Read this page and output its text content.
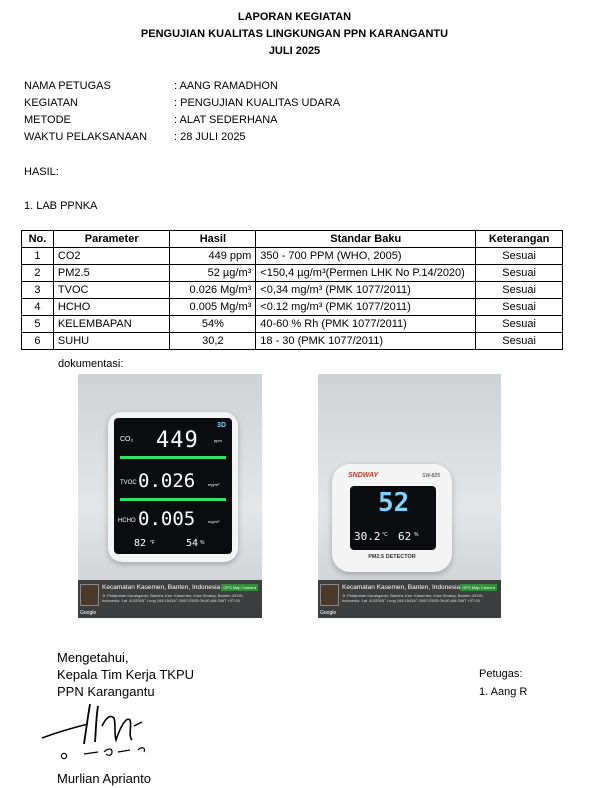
LAPORAN KEGIATAN
PENGUJIAN KUALITAS LINGKUNGAN PPN KARANGANTU
JULI 2025
NAMA PETUGAS	: AANG RAMADHON
KEGIATAN	: PENGUJIAN KUALITAS UDARA
METODE	: ALAT SEDERHANA
WAKTU PELAKSANAAN : 28 JULI 2025
HASIL:
1. LAB PPNKA
No.	Parameter	Hasil	Standar Baku	Keterangan
1	CO2	449 ppm	350 - 700 PPM (WHO, 2005)	Sesuai
2	PM2.5	52 µg/m³	<150,4 µg/m³(Permen LHK No P.14/2020)	Sesuai
3	TVOC	0.026 Mg/m³	<0,34 mg/m³ (PMK 1077/2011)	Sesuai
4	HCHO	0.005 Mg/m³	<0.12 mg/m³ (PMK 1077/2011)	Sesuai
5	KELEMBAPAN	54%	40-60 % Rh (PMK 1077/2011)	Sesuai
6	SUHU	30,2	18 - 30 (PMK 1077/2011)	Sesuai
dokumentasi:
3D
CO₂ 449	ppm
TVOC 0.026	mg/m³
HCHO 0.005	mg/m³
82 °F	54 %
Google
Kecamatan Kasemen, Banten, Indonesia
Jl. Pelabuhan Karangantu, Banten, Kec. Kasemen, Kota Serang, Banten 42191, Indonesia. Lat -6.02918° Long 106.15434° 28/07/2025 09:40 AM GMT +07:00
GPS Map Camera
SNDWAY	SW-825
52
30.2 °C 62 %
PM2.5 DETECTOR
Google
Kecamatan Kasemen, Banten, Indonesia
Jl. Pelabuhan Karangantu, Banten, Kec. Kasemen, Kota Serang, Banten 42191, Indonesia. Lat -6.02918° Long 106.15434° 28/07/2025 09:40 AM GMT +07:00
GPS Map Camera
Mengetahui,
Kepala Tim Kerja TKPU
PPN Karangantu
Murlian Aprianto
Petugas:
1. Aang R
